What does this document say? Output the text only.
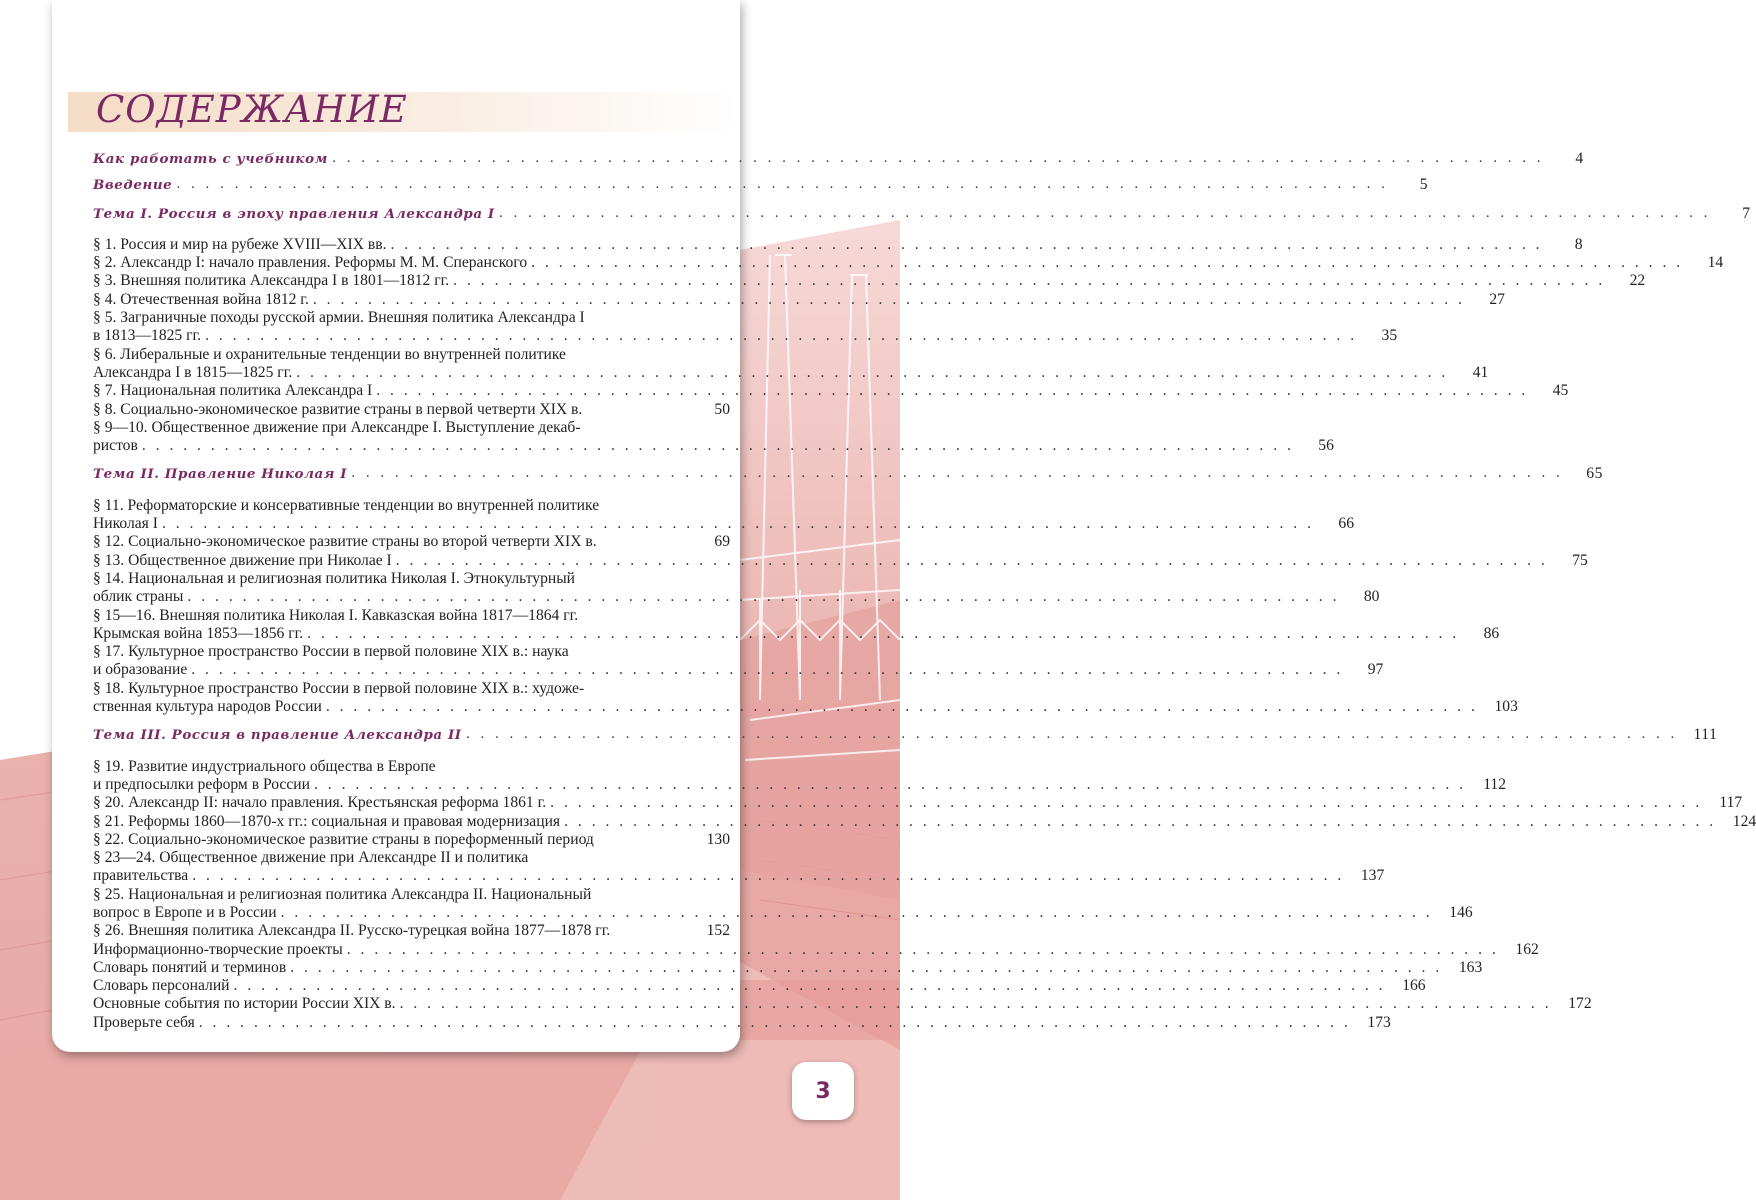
СОДЕРЖАНИЕ
Как работать с учебником . . . . . . . . . . . . . . . . . . . . . . . . . . . . . . . . . . . . . . . . . . . . . . . . . . . . . . . . . . . . . . . . . . . . . . . . . . . . . . . . . . . .	4
Введение . . . . . . . . . . . . . . . . . . . . . . . . . . . . . . . . . . . . . . . . . . . . . . . . . . . . . . . . . . . . . . . . . . . . . . . . . . . . . . . . . . . .	5
Тема I. Россия в эпоху правления Александра I . . . . . . . . . . . . . . . . . . . . . . . . . . . . . . . . . . . . . . . . . . . . . . . . . . . . . . . . . . . . . . . . . . . . . . . . . . . . . . . . . . . .	7
§ 1. Россия и мир на рубеже XVIII—XIX вв. . . . . . . . . . . . . . . . . . . . . . . . . . . . . . . . . . . . . . . . . . . . . . . . . . . . . . . . . . . . . . . . . . . . . . . . . . . . . . . . . . . . .	8
§ 2. Александр I: начало правления. Реформы М. М. Сперанского . . . . . . . . . . . . . . . . . . . . . . . . . . . . . . . . . . . . . . . . . . . . . . . . . . . . . . . . . . . . . . . . . . . . . . . . . . . . . . . . . . . .	14
§ 3. Внешняя политика Александра I в 1801—1812 гг. . . . . . . . . . . . . . . . . . . . . . . . . . . . . . . . . . . . . . . . . . . . . . . . . . . . . . . . . . . . . . . . . . . . . . . . . . . . . . . . . . . . .	22
§ 4. Отечественная война 1812 г. . . . . . . . . . . . . . . . . . . . . . . . . . . . . . . . . . . . . . . . . . . . . . . . . . . . . . . . . . . . . . . . . . . . . . . . . . . . . . . . . . . . .	27
§ 5. Заграничные походы русской армии. Внешняя политика Александра I
в 1813—1825 гг. . . . . . . . . . . . . . . . . . . . . . . . . . . . . . . . . . . . . . . . . . . . . . . . . . . . . . . . . . . . . . . . . . . . . . . . . . . . . . . . . . . . .	35
§ 6. Либеральные и охранительные тенденции во внутренней политике
Александра I в 1815—1825 гг. . . . . . . . . . . . . . . . . . . . . . . . . . . . . . . . . . . . . . . . . . . . . . . . . . . . . . . . . . . . . . . . . . . . . . . . . . . . . . . . . . . . .	41
§ 7. Национальная политика Александра I . . . . . . . . . . . . . . . . . . . . . . . . . . . . . . . . . . . . . . . . . . . . . . . . . . . . . . . . . . . . . . . . . . . . . . . . . . . . . . . . . . . .	45
§ 8. Социально-экономическое развитие страны в первой четверти XIX в.	50
§ 9—10. Общественное движение при Александре I. Выступление декаб-
ристов . . . . . . . . . . . . . . . . . . . . . . . . . . . . . . . . . . . . . . . . . . . . . . . . . . . . . . . . . . . . . . . . . . . . . . . . . . . . . . . . . . . .	56
Тема II. Правление Николая I . . . . . . . . . . . . . . . . . . . . . . . . . . . . . . . . . . . . . . . . . . . . . . . . . . . . . . . . . . . . . . . . . . . . . . . . . . . . . . . . . . . .	65
§ 11. Реформаторские и консервативные тенденции во внутренней политике
Николая I . . . . . . . . . . . . . . . . . . . . . . . . . . . . . . . . . . . . . . . . . . . . . . . . . . . . . . . . . . . . . . . . . . . . . . . . . . . . . . . . . . . .	66
§ 12. Социально-экономическое развитие страны во второй четверти XIX в.	69
§ 13. Общественное движение при Николае I . . . . . . . . . . . . . . . . . . . . . . . . . . . . . . . . . . . . . . . . . . . . . . . . . . . . . . . . . . . . . . . . . . . . . . . . . . . . . . . . . . . .	75
§ 14. Национальная и религиозная политика Николая I. Этнокультурный
облик страны . . . . . . . . . . . . . . . . . . . . . . . . . . . . . . . . . . . . . . . . . . . . . . . . . . . . . . . . . . . . . . . . . . . . . . . . . . . . . . . . . . . .	80
§ 15—16. Внешняя политика Николая I. Кавказская война 1817—1864 гг.
Крымская война 1853—1856 гг. . . . . . . . . . . . . . . . . . . . . . . . . . . . . . . . . . . . . . . . . . . . . . . . . . . . . . . . . . . . . . . . . . . . . . . . . . . . . . . . . . . . .	86
§ 17. Культурное пространство России в первой половине XIX в.: наука
и образование . . . . . . . . . . . . . . . . . . . . . . . . . . . . . . . . . . . . . . . . . . . . . . . . . . . . . . . . . . . . . . . . . . . . . . . . . . . . . . . . . . . .	97
§ 18. Культурное пространство России в первой половине XIX в.: художе-
ственная культура народов России . . . . . . . . . . . . . . . . . . . . . . . . . . . . . . . . . . . . . . . . . . . . . . . . . . . . . . . . . . . . . . . . . . . . . . . . . . . . . . . . . . . .	103
Тема III. Россия в правление Александра II . . . . . . . . . . . . . . . . . . . . . . . . . . . . . . . . . . . . . . . . . . . . . . . . . . . . . . . . . . . . . . . . . . . . . . . . . . . . . . . . . . . .	111
§ 19. Развитие индустриального общества в Европе
и предпосылки реформ в России . . . . . . . . . . . . . . . . . . . . . . . . . . . . . . . . . . . . . . . . . . . . . . . . . . . . . . . . . . . . . . . . . . . . . . . . . . . . . . . . . . . .	112
§ 20. Александр II: начало правления. Крестьянская реформа 1861 г. . . . . . . . . . . . . . . . . . . . . . . . . . . . . . . . . . . . . . . . . . . . . . . . . . . . . . . . . . . . . . . . . . . . . . . . . . . . . . . . . . . . .	117
§ 21. Реформы 1860—1870-х гг.: социальная и правовая модернизация . . . . . . . . . . . . . . . . . . . . . . . . . . . . . . . . . . . . . . . . . . . . . . . . . . . . . . . . . . . . . . . . . . . . . . . . . . . . . . . . . . . .	124
§ 22. Социально-экономическое развитие страны в пореформенный период	130
§ 23—24. Общественное движение при Александре II и политика
правительства . . . . . . . . . . . . . . . . . . . . . . . . . . . . . . . . . . . . . . . . . . . . . . . . . . . . . . . . . . . . . . . . . . . . . . . . . . . . . . . . . . . .	137
§ 25. Национальная и религиозная политика Александра II. Национальный
вопрос в Европе и в России . . . . . . . . . . . . . . . . . . . . . . . . . . . . . . . . . . . . . . . . . . . . . . . . . . . . . . . . . . . . . . . . . . . . . . . . . . . . . . . . . . . .	146
§ 26. Внешняя политика Александра II. Русско-турецкая война 1877—1878 гг.	152
Информационно-творческие проекты . . . . . . . . . . . . . . . . . . . . . . . . . . . . . . . . . . . . . . . . . . . . . . . . . . . . . . . . . . . . . . . . . . . . . . . . . . . . . . . . . . . .	162
Словарь понятий и терминов . . . . . . . . . . . . . . . . . . . . . . . . . . . . . . . . . . . . . . . . . . . . . . . . . . . . . . . . . . . . . . . . . . . . . . . . . . . . . . . . . . . .	163
Словарь персоналий . . . . . . . . . . . . . . . . . . . . . . . . . . . . . . . . . . . . . . . . . . . . . . . . . . . . . . . . . . . . . . . . . . . . . . . . . . . . . . . . . . . .	166
Основные события по истории России XIX в. . . . . . . . . . . . . . . . . . . . . . . . . . . . . . . . . . . . . . . . . . . . . . . . . . . . . . . . . . . . . . . . . . . . . . . . . . . . . . . . . . . . .	172
Проверьте себя . . . . . . . . . . . . . . . . . . . . . . . . . . . . . . . . . . . . . . . . . . . . . . . . . . . . . . . . . . . . . . . . . . . . . . . . . . . . . . . . . . . .	173
3
